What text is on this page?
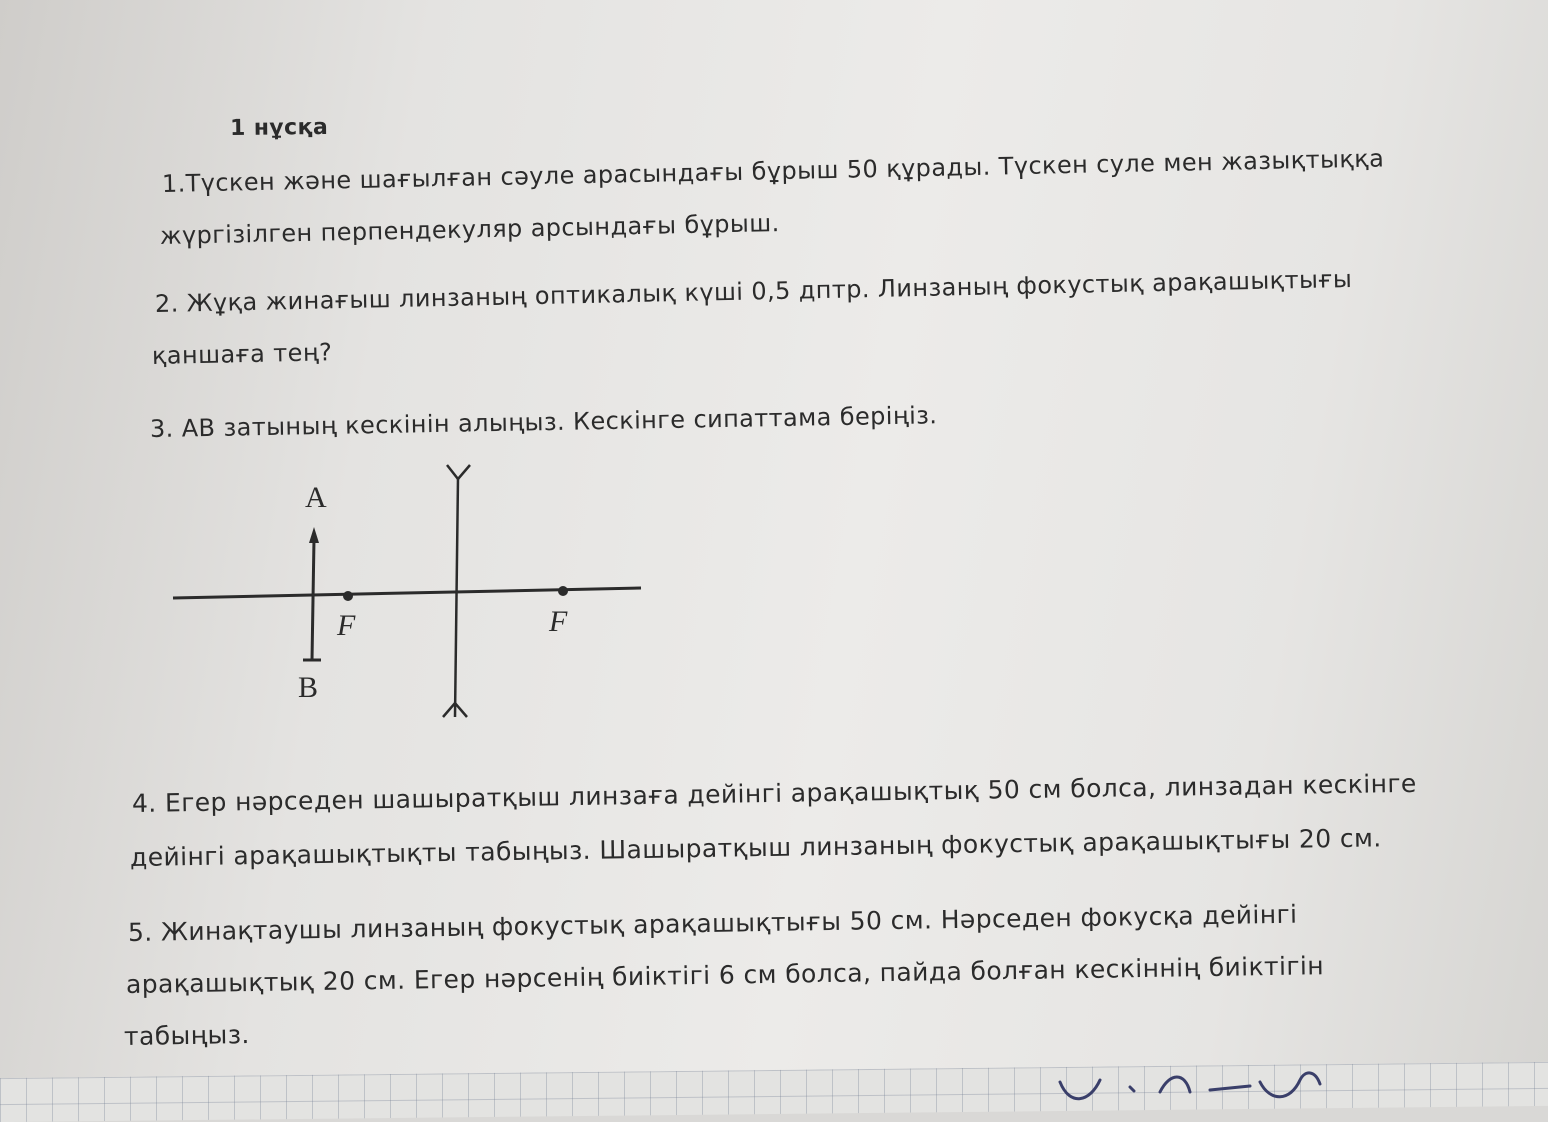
1 нұсқа
1.Түскен және шағылған сәуле арасындағы бұрыш 50 құрады. Түскен суле мен жазықтыққа
жүргізілген перпендекуляр арсындағы бұрыш.
2. Жұқа жинағыш линзаның оптикалық күші 0,5 дптр. Линзаның фокустық арақашықтығы
қаншаға тең?
3. АВ затының кескінін алыңыз. Кескінге сипаттама беріңіз.
A
B
F	F
4. Егер нәрседен шашыратқыш линзаға дейінгі арақашықтық 50 см болса, линзадан кескінге
дейінгі арақашықтықты табыңыз. Шашыратқыш линзаның фокустық арақашықтығы 20 см.
5. Жинақтаушы линзаның фокустық арақашықтығы 50 см. Нәрседен фокусқа дейінгі
арақашықтық 20 см. Егер нәрсенің биіктігі 6 см болса, пайда болған кескіннің биіктігін
табыңыз.
